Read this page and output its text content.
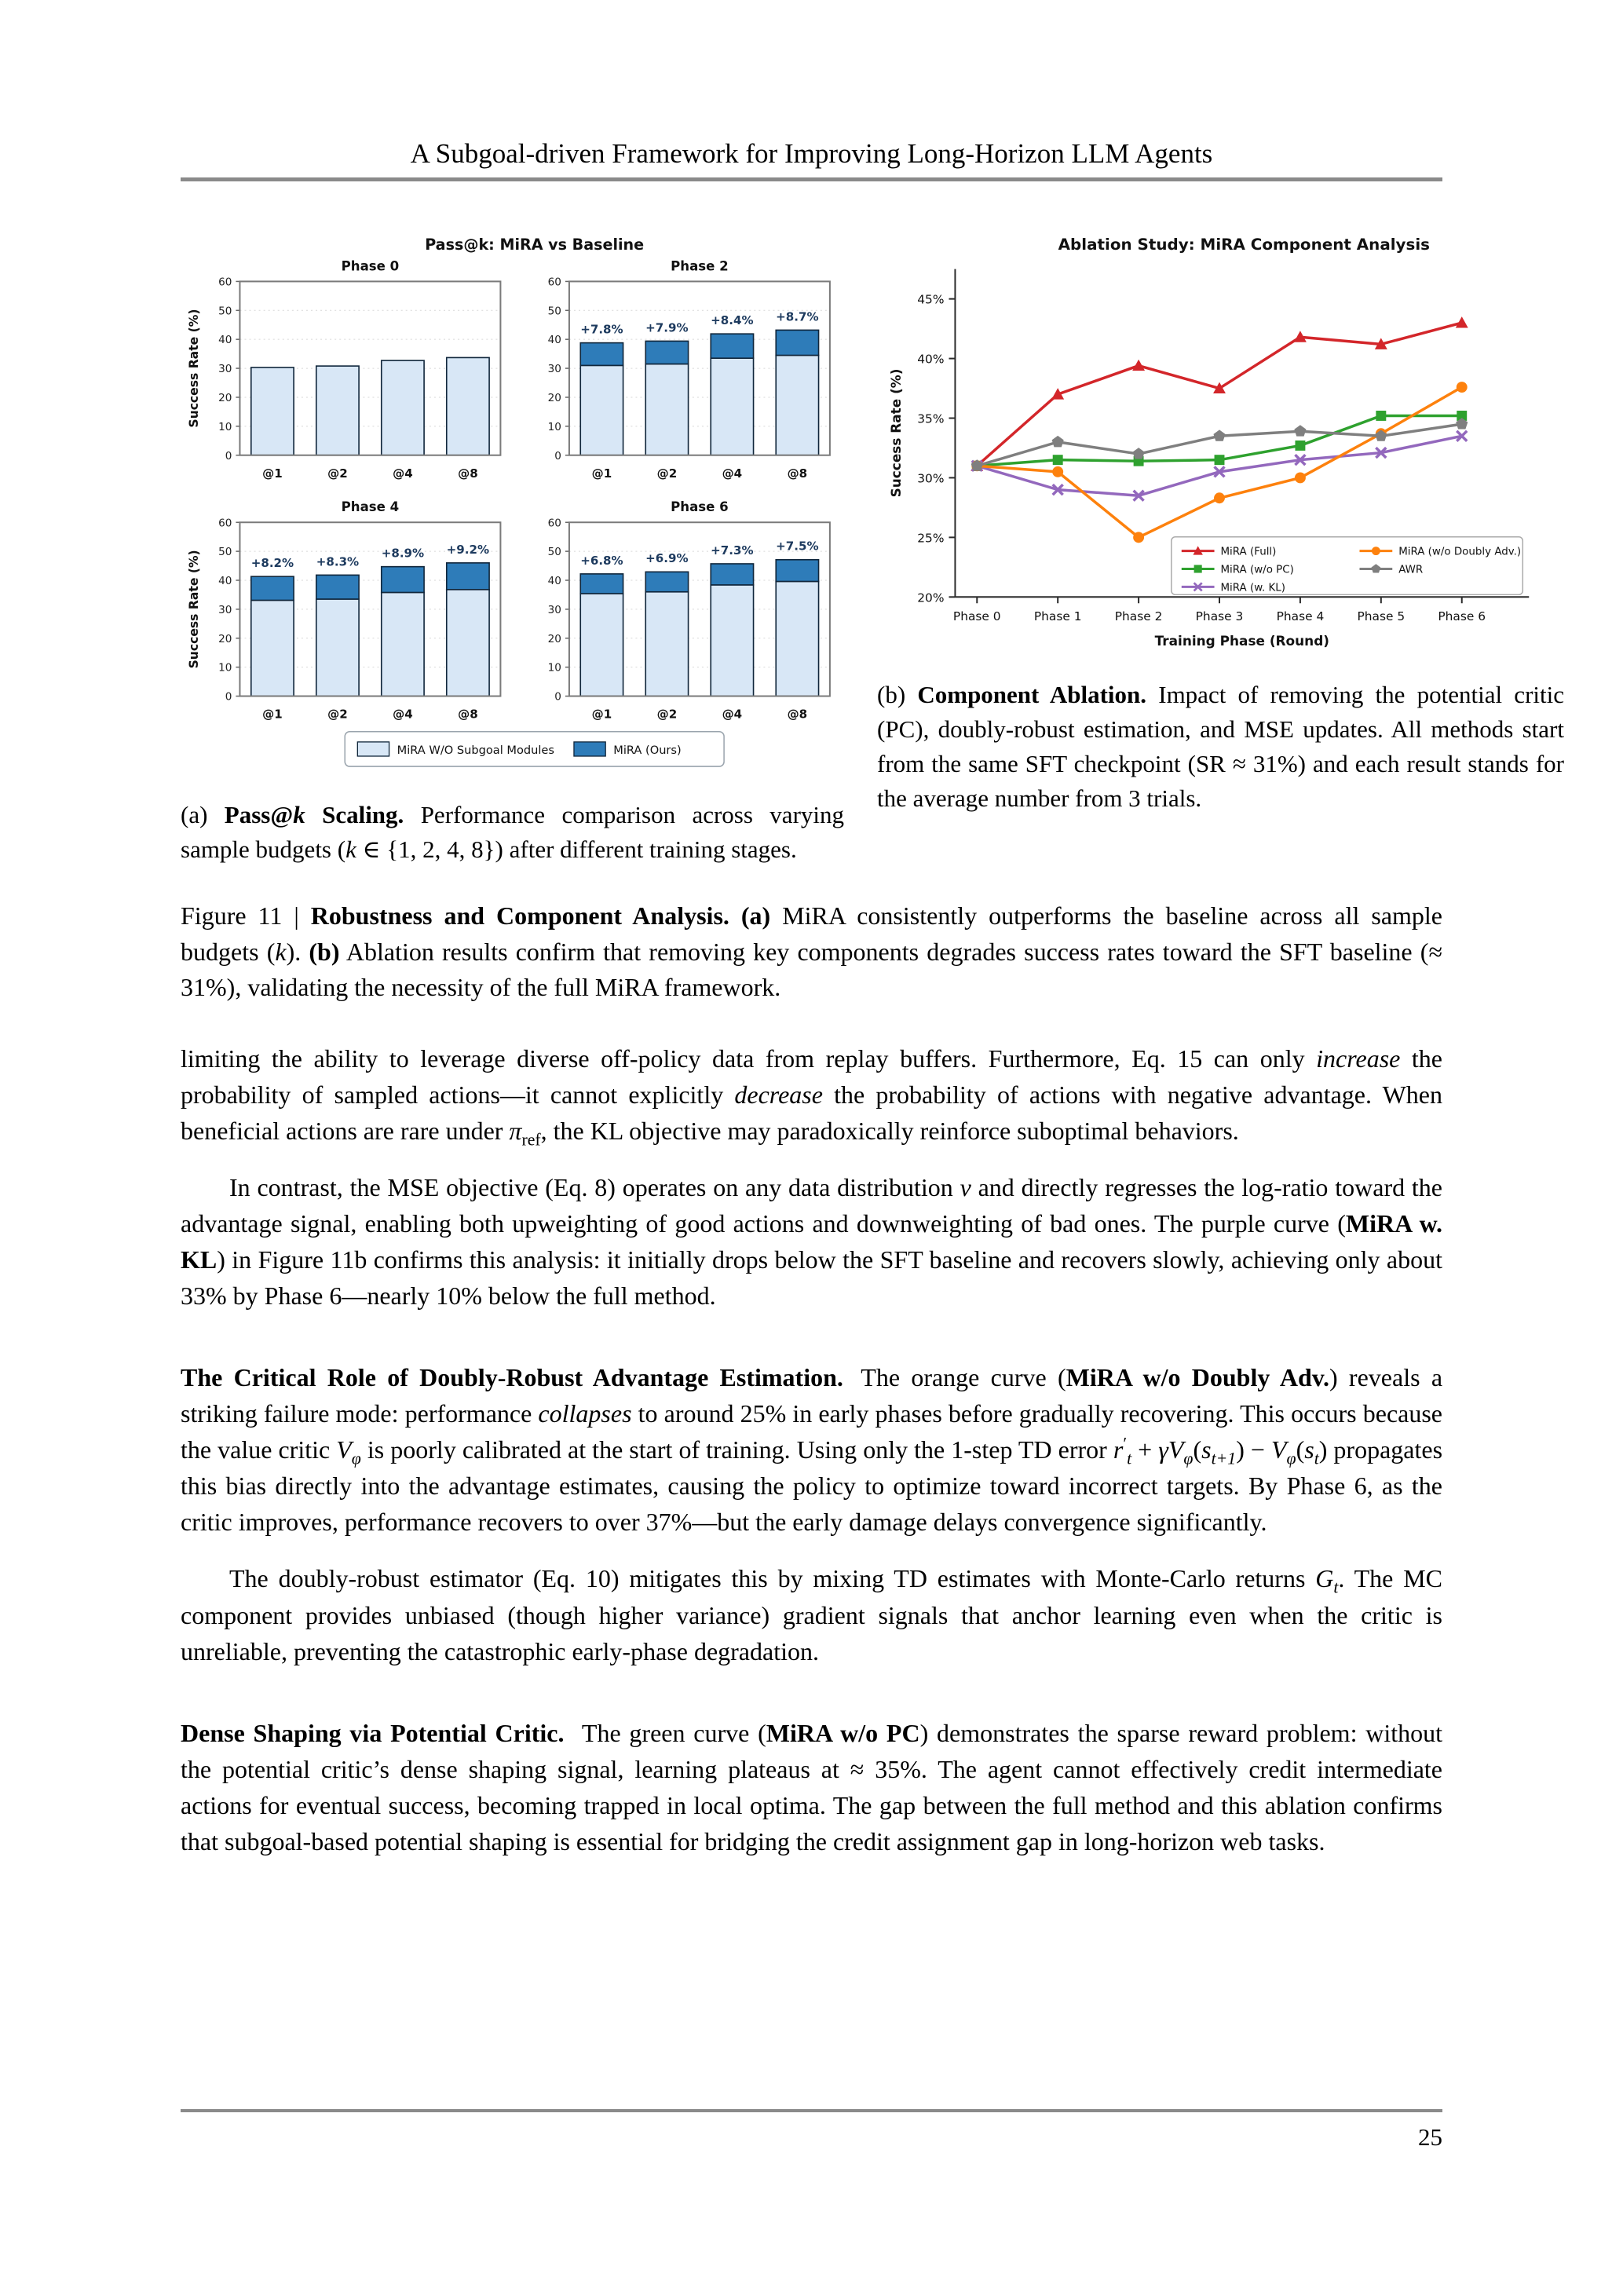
A Subgoal-driven Framework for Improving Long-Horizon LLM Agents
Pass@k: MiRA vs Baseline
Phase 0
0
10
20
30
40
50
60
@1	@2	@4	@8
Success Rate (%)
Phase 2
0
10
20
30
40
50
60
+7.8%
@1
+7.9%
@2
+8.4%
@4
+8.7%
@8
Phase 4
0
10
20
30
40
50
60
+8.2%
@1
+8.3%
@2
+8.9%
@4
+9.2%
@8
Success Rate (%)
Phase 6
0
10
20
30
40
50
60
+6.8%
@1
+6.9%
@2
+7.3%
@4
+7.5%
@8
MiRA W/O Subgoal Modules	MiRA (Ours)
(a) Pass@k Scaling. Performance comparison across varying sample budgets (k ∈ {1, 2, 4, 8}) after different training stages.
Ablation Study: MiRA Component Analysis
20%
25%
30%
35%
40%
45%
Phase 0	Phase 1	Phase 2	Phase 3	Phase 4	Phase 5	Phase 6
Training Phase (Round)
Success Rate (%)
MiRA (Full)
MiRA (w/o PC)
MiRA (w. KL)
MiRA (w/o Doubly Adv.)
AWR
(b) Component Ablation. Impact of removing the potential critic (PC), doubly-robust estimation, and MSE updates. All methods start from the same SFT checkpoint (SR ≈ 31%) and each result stands for the average number from 3 trials.
Figure 11 | Robustness and Component Analysis. (a) MiRA consistently outperforms the baseline across all sample budgets (k). (b) Ablation results confirm that removing key components degrades success rates toward the SFT baseline (≈ 31%), validating the necessity of the full MiRA framework.

limiting the ability to leverage diverse off-policy data from replay buffers. Furthermore, Eq. 15 can only increase the probability of sampled actions—it cannot explicitly decrease the probability of actions with negative advantage. When beneficial actions are rare under $\pi_{ref}$, the KL objective may paradoxically reinforce suboptimal behaviors.

In contrast, the MSE objective (Eq. 8) operates on any data distribution ν and directly regresses the log-ratio toward the advantage signal, enabling both upweighting of good actions and downweighting of bad ones. The purple curve (MiRA w. KL) in Figure 11b confirms this analysis: it initially drops below the SFT baseline and recovers slowly, achieving only about 33% by Phase 6—nearly 10% below the full method.

The Critical Role of Doubly-Robust Advantage Estimation. The orange curve (MiRA w/o Doubly Adv.) reveals a striking failure mode: performance collapses to around 25% in early phases before gradually recovering. This occurs because the value critic $V_\varphi$ is poorly calibrated at the start of training. Using only the 1-step TD error $r'_t + \gamma V_\varphi(s_{t+1}) - V_\varphi(s_t)$ propagates this bias directly into the advantage estimates, causing the policy to optimize toward incorrect targets. By Phase 6, as the critic improves, performance recovers to over 37%—but the early damage delays convergence significantly.

The doubly-robust estimator (Eq. 10) mitigates this by mixing TD estimates with Monte-Carlo returns $G_t$. The MC component provides unbiased (though higher variance) gradient signals that anchor learning even when the critic is unreliable, preventing the catastrophic early-phase degradation.

Dense Shaping via Potential Critic. The green curve (MiRA w/o PC) demonstrates the sparse reward problem: without the potential critic’s dense shaping signal, learning plateaus at ≈ 35%. The agent cannot effectively credit intermediate actions for eventual success, becoming trapped in local optima. The gap between the full method and this ablation confirms that subgoal-based potential shaping is essential for bridging the credit assignment gap in long-horizon web tasks.

25
